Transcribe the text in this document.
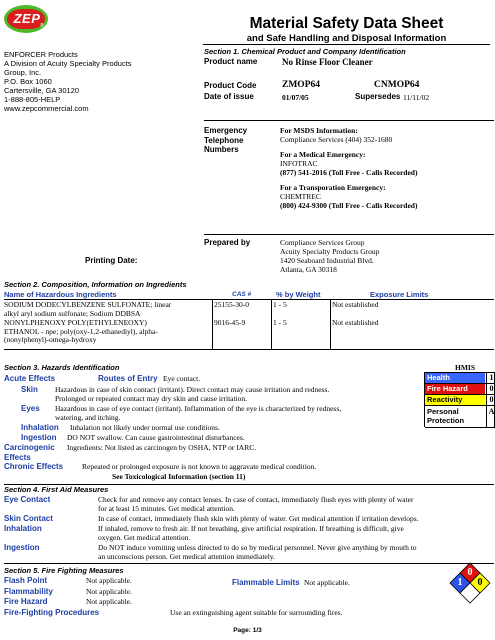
ZEP ®	Material Safety Data Sheet
and Safe Handling and Disposal Information
ENFORCER Products
A Division of Acuity Specialty Products
Group, Inc.
P.O. Box 1060
Cartersville, GA 30120
1-888-805-HELP
www.zepcommercial.com
Section 1. Chemical Product and Company Identification
Product name	No Rinse Floor Cleaner
Product Code	ZMOP64	CNMOP64
Date of issue	01/07/05	Supersedes 11/11/02
Emergency
Telephone
Numbers
For MSDS Information:
Compliance Services (404) 352-1680
For a Medical Emergency:
INFOTRAC
(877) 541-2016 (Toll Free - Calls Recorded)
For a Transporation Emergency:
CHEMTREC
(800) 424-9300 (Toll Free - Calls Recorded)
Printing Date:
Prepared by	Compliance Services Group
Acuity Specialty Products Group
1420 Seaboard Industrial Blvd.
Atlanta, GA 30318
Section 2. Composition, Information on Ingredients
Name of Hazardous Ingredients	CAS #	% by Weight	Exposure Limits
SODIUM DODECYLBENZENE SULFONATE; linear
alkyl aryl sodium sulfonate; Sodium DDBSA
25155-30-0	1 - 5	Not established
NONYLPHENOXY POLY(ETHYLENEOXY)
ETHANOL - npe; poly(oxy-1,2-ethanediyl), alpha-
(nonylphenyl)-omega-hydroxy
9016-45-9	1 - 5	Not established
Section 3. Hazards Identification
Acute Effects	Routes of Entry Eye contact.
Skin Hazardous in case of skin contact (irritant). Direct contact may cause irritation and redness.
Prolonged or repeated contact may dry skin and cause irritation.
Eyes Hazardous in case of eye contact (irritant). Inflammation of the eye is characterized by redness,
watering, and itching.
Inhalation Inhalation not likely under normal use conditions.
Ingestion DO NOT swallow. Can cause gastrointestinal disturbances.
Carcinogenic
Effects
Ingredients: Not listed as carcinogen by OSHA, NTP or IARC.
Chronic Effects	Repeated or prolonged exposure is not known to aggravate medical condition.
See Toxicological Information (section 11)
HMIS
Health	1
Fire Hazard	0
Reactivity	0
Personal
Protection
A
Section 4. First Aid Measures
Eye Contact	Check for and remove any contact lenses. In case of contact, immediately flush eyes with plenty of water
for at least 15 minutes. Get medical attention.
Skin Contact	In case of contact, immediately flush skin with plenty of water. Get medical attention if irritation develops.
Inhalation	If inhaled, remove to fresh air. If not breathing, give artificial respiration. If breathing is difficult, give
oxygen. Get medical attention.
Ingestion	Do NOT induce vomiting unless directed to do so by medical personnel. Never give anything by mouth to
an unconscious person. Get medical attention immediately.
Section 5. Fire Fighting Measures
Flash Point	Not applicable.	Flammable Limits Not applicable.
Flammability	Not applicable.
Fire Hazard	Not applicable.
Fire-Fighting Procedures	Use an extinguishing agent suitable for surrounding fires.
0
1	0
Page: 1/3
